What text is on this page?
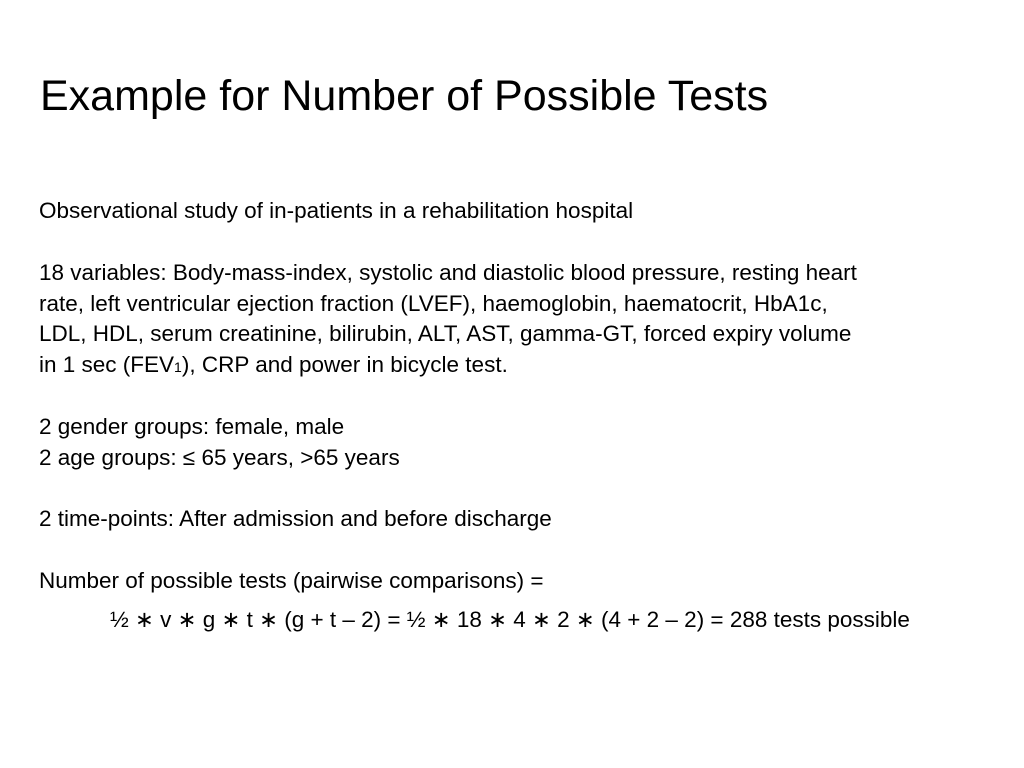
Example for Number of Possible Tests
Observational study of in-patients in a rehabilitation hospital
18 variables: Body-mass-index, systolic and diastolic blood pressure, resting heart
rate, left ventricular ejection fraction (LVEF), haemoglobin, haematocrit, HbA1c,
LDL, HDL, serum creatinine, bilirubin, ALT, AST, gamma-GT, forced expiry volume
in 1 sec (FEV1), CRP and power in bicycle test.
2 gender groups: female, male
2 age groups: ≤ 65 years, >65 years
2 time-points: After admission and before discharge
Number of possible tests (pairwise comparisons) =
½ ∗ v ∗ g ∗ t ∗ (g + t – 2) = ½ ∗ 18 ∗ 4 ∗ 2 ∗ (4 + 2 – 2) = 288 tests possible
